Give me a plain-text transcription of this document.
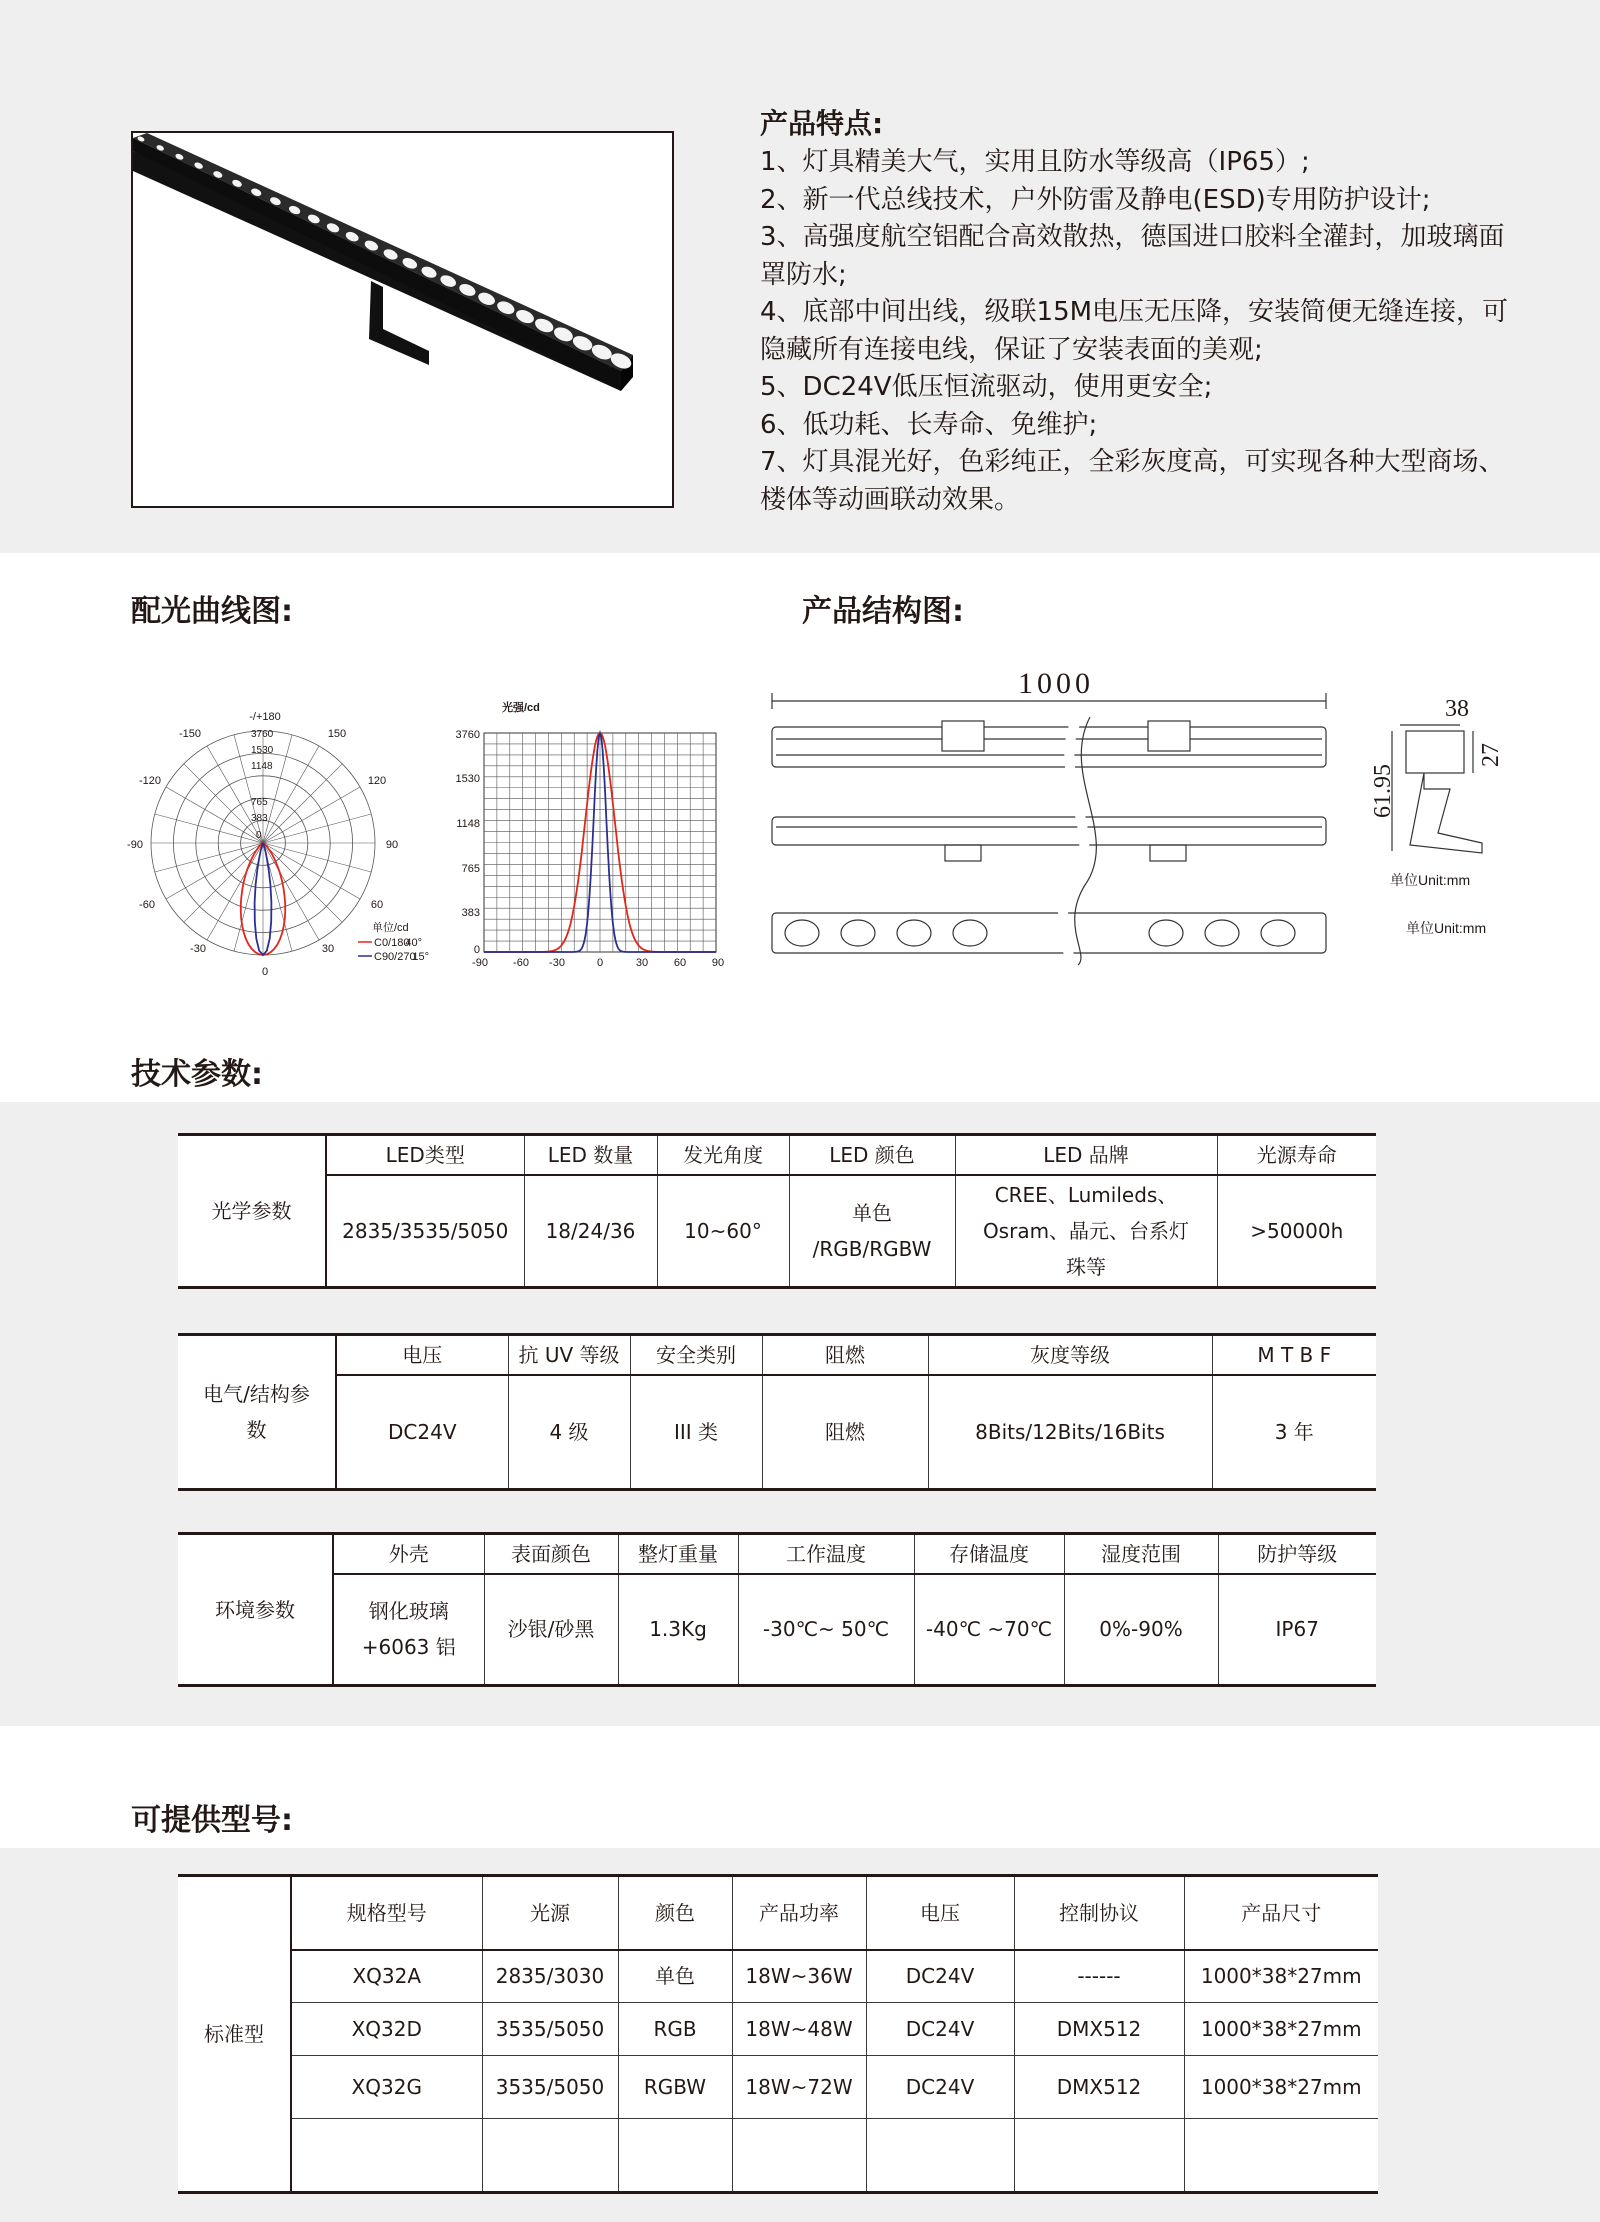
产品特点:
1、灯具精美大气，实用且防水等级高（IP65）;
2、新一代总线技术，户外防雷及静电(ESD)专用防护设计;
3、高强度航空铝配合高效散热，德国进口胶料全灌封，加玻璃面罩防水;
4、底部中间出线，级联15M电压无压降，安装简便无缝连接，可隐藏所有连接电线，保证了安装表面的美观;
5、DC24V低压恒流驱动，使用更安全;
6、低功耗、长寿命、免维护;
7、灯具混光好，色彩纯正，全彩灰度高，可实现各种大型商场、楼体等动画联动效果。
配光曲线图:	产品结构图:
技术参数:
可提供型号:
-/+180
-150	150
-120	120
-90	90
-60	60
-30	30
0
3760
1530
1148
765
383
0
单位/cd
C0/180
40°
C90/270
15°
光强/cd
3760
1530
1148
765
383
0
-90 -60 -30	0	30 60 90
1000
38
27
61.95
单位Unit:mm
单位Unit:mm
光学参数	LED类型	LED 数量	发光角度	LED 颜色	LED 品牌	光源寿命
	2835/3535/5050	18/24/36	10~60°	单色
/RGB/RGBW	CREE、Lumileds、
Osram、晶元、台系灯
珠等	>50000h
电气/结构参
数	电压	抗 UV 等级	安全类别	阻燃	灰度等级	M T B F
	DC24V	4 级	III 类	阻燃	8Bits/12Bits/16Bits	3 年
环境参数	外壳	表面颜色	整灯重量	工作温度	存储温度	湿度范围	防护等级
	钢化玻璃
+6063 铝	沙银/砂黑	1.3Kg	-30℃~ 50℃	-40℃ ~70℃	0%-90%	IP67
标准型	规格型号	光源	颜色	产品功率	电压	控制协议	产品尺寸
	XQ32A	2835/3030	单色	18W~36W	DC24V	------	1000*38*27mm
	XQ32D	3535/5050	RGB	18W~48W	DC24V	DMX512	1000*38*27mm
	XQ32G	3535/5050	RGBW	18W~72W	DC24V	DMX512	1000*38*27mm
